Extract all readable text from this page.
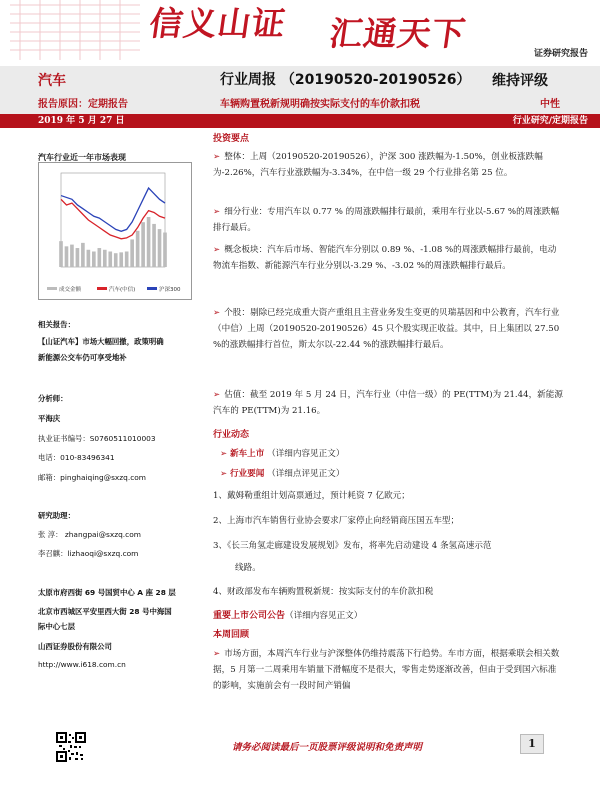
信义山证 汇通天下
证券研究报告
汽车	行业周报 （20190520-20190526） 维持评级
报告原因：定期报告	车辆购置税新规明确按实际支付的车价款扣税	中性
2019 年 5 月 27 日	行业研究/定期报告
汽车行业近一年市场表现
成交金额	汽车(中信)	沪深300
相关报告：
【山证汽车】市场大幅回撤，政策明确
新能源公交车仍可享受地补
分析师：
平海庆
执业证书编号：S0760511010003
电话：010-83496341
邮箱：pinghaiqing@sxzq.com
研究助理：
张 淳： zhangpai@sxzq.com
李召麒：lizhaoqi@sxzq.com
太原市府西街 69 号国贸中心 A 座 28 层
北京市西城区平安里西大街 28 号中海国
际中心七层
山西证券股份有限公司
http://www.i618.com.cn
投资要点
➢ 整体：上周（20190520-20190526），沪深 300 涨跌幅为-1.50%，创业板涨跌幅为-2.26%，汽车行业涨跌幅为-3.34%，在中信一级 29 个行业排名第 25 位。
➢ 细分行业：专用汽车以 0.77 % 的周涨跌幅排行最前，乘用车行业以-5.67 %的周涨跌幅排行最后。
➢ 概念板块：汽车后市场、智能汽车分别以 0.89 %、-1.08 %的周涨跌幅排行最前，电动物流车指数、新能源汽车行业分别以-3.29 %、-3.02 %的周涨跌幅排行最后。
➢ 个股：剔除已经完成重大资产重组且主营业务发生变更的贝瑞基因和中公教育，汽车行业（中信）上周（20190520-20190526）45 只个股实现正收益。其中，日上集团以 27.50 %的涨跌幅排行首位，斯太尔以-22.44 %的涨跌幅排行最后。
➢ 估值：截至 2019 年 5 月 24 日，汽车行业（中信一级）的 PE(TTM)为 21.44，新能源汽车的 PE(TTM)为 21.16。
行业动态
➢ 新车上市 （详细内容见正文）
➢ 行业要闻 （详细点评见正文）
1、戴姆勒重组计划高票通过，预计耗资 7 亿欧元；
2、上海市汽车销售行业协会要求厂家停止向经销商压国五车型；
3、《长三角氢走廊建设发展规划》发布，将率先启动建设 4 条氢高速示范
线路。
4、财政部发布车辆购置税新规：按实际支付的车价款扣税
重要上市公司公告（详细内容见正文）
本周回顾
➢ 市场方面，本周汽车行业与沪深整体仍维持震荡下行趋势。车市方面，根据乘联会相关数据，5 月第一二周乘用车销量下滑幅度不是很大，零售走势逐渐改善，但由于受到国六标准的影响，实施前会有一段时间产销偏
请务必阅读最后一页股票评级说明和免责声明	1
